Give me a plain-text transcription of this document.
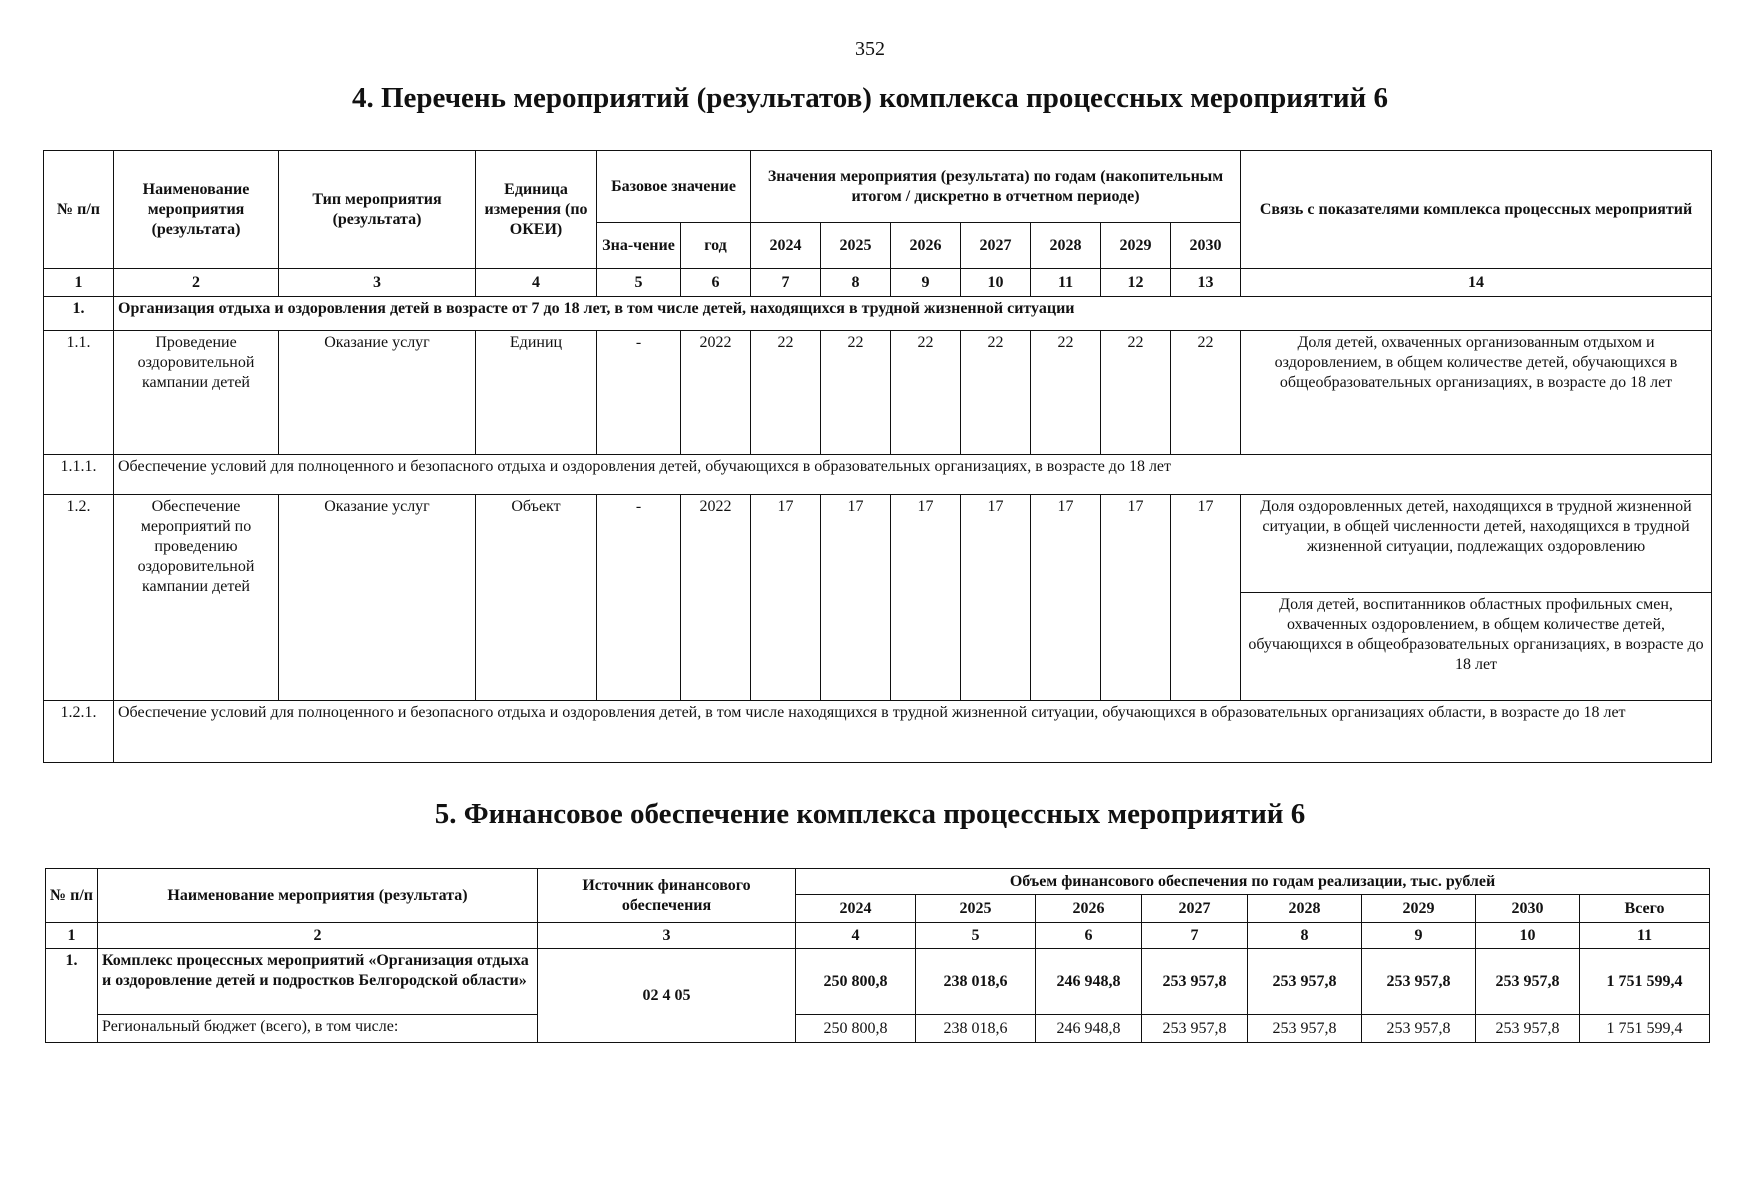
352
4. Перечень мероприятий (результатов) комплекса процессных мероприятий 6
№ п/п	Наименование мероприятия (результата)	Тип мероприятия (результата)	Единица измерения (по ОКЕИ)	Базовое значение		Значения мероприятия (результата) по годам (накопительным итогом / дискретно в отчетном периоде)							Связь с показателями комплекса процессных мероприятий
				Зна-чение	год	2024	2025	2026	2027	2028	2029	2030	
1	2	3	4	5	6	7	8	9	10	11	12	13	14
1.	Организация отдыха и оздоровления детей в возрасте от 7 до 18 лет, в том числе детей, находящихся в трудной жизненной ситуации												
1.1.	Проведение оздоровительной кампании детей	Оказание услуг	Единиц	-	2022	22	22	22	22	22	22	22	Доля детей, охваченных организованным отдыхом и оздоровлением, в общем количестве детей, обучающихся в общеобразовательных организациях, в возрасте до 18 лет
1.1.1.	Обеспечение условий для полноценного и безопасного отдыха и оздоровления детей, обучающихся в образовательных организациях, в возрасте до 18 лет												
1.2.	Обеспечение мероприятий по проведению оздоровительной кампании детей	Оказание услуг	Объект	-	2022	17	17	17	17	17	17	17	Доля оздоровленных детей, находящихся в трудной жизненной ситуации, в общей численности детей, находящихся в трудной жизненной ситуации, подлежащих оздоровлению
													Доля детей, воспитанников областных профильных смен, охваченных оздоровлением, в общем количестве детей, обучающихся в общеобразовательных организациях, в возрасте до 18 лет
1.2.1.	Обеспечение условий для полноценного и безопасного отдыха и оздоровления детей, в том числе находящихся в трудной жизненной ситуации, обучающихся в образовательных организациях области, в возрасте до 18 лет												
5. Финансовое обеспечение комплекса процессных мероприятий 6
№ п/п	Наименование мероприятия (результата)	Источник финансового обеспечения	Объем финансового обеспечения по годам реализации, тыс. рублей							
			2024	2025	2026	2027	2028	2029	2030	Всего
1	2	3	4	5	6	7	8	9	10	11
1.	Комплекс процессных мероприятий «Организация отдыха и оздоровление детей и подростков Белгородской области»	02 4 05	250 800,8	238 018,6	246 948,8	253 957,8	253 957,8	253 957,8	253 957,8	1 751 599,4
	Региональный бюджет (всего), в том числе:		250 800,8	238 018,6	246 948,8	253 957,8	253 957,8	253 957,8	253 957,8	1 751 599,4
